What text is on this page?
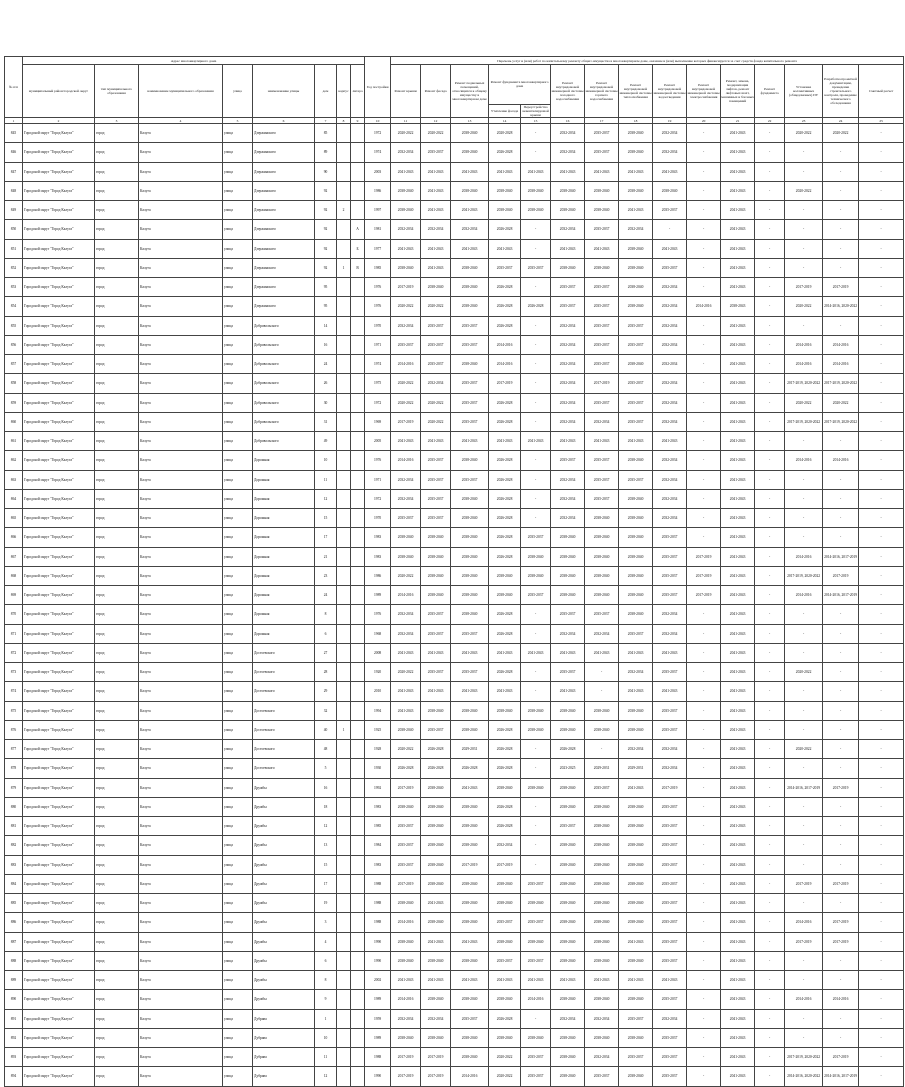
№ п/п	Адрес многоквартирного дома								Год постройки	Перечень услуг и (или) работ по капитальному ремонту общего имущества в многоквартирном доме, оказание и (или) выполнение которых финансируется за счет средств фонда капитального ремонта															
	муниципальный район/городской округ	тип муниципального образования	наименование муниципального образования	улица	наименование улицы	дом	корпус	литера		Ремонт крыши	Ремонт фасада	Ремонт подвальных помещений, относящихся к общему имуществу в многоквартирном доме	Ремонт фундамента многоквартирного дома		Ремонт внутридомовой инженерной системы холодного водоснабжения	Ремонт внутридомовой инженерной системы горячего водоснабжения	Ремонт внутридомовой инженерной системы теплоснабжения	Ремонт внутридомовой инженерной системы водоотведения	Ремонт внутридомовой инженерной системы электроснабжения	Ремонт, замена, модернизация лифтов, ремонт лифтовых шахт, машинных и блочных помещений	Ремонт фундамента	Установка коллективных (общедомовых) ПУ	Разработка проектной документации, проведение строительного контроля, проведение технического обследования	Сметный расчет	
													Утепление фасада	Переустройство невентилируемой крыши											
1	2	3	4	5	6	7	8	9	10	11	12	13	14	15	16	17	18	19	20	21	22	23	24	25	
845	Городской округ "Город Калуга"	город	Калуга	улица	Дзержинского	85			1972	2020-2022	2020-2022	2038-2040	2020-2028	-	2032-2034	2035-2037	2038-2040	2032-2034	-	2041-2043	-	2020-2022	2020-2022	-	
846	Городской округ "Город Калуга"	город	Калуга	улица	Дзержинского	89			1974	2032-2034	2035-2037	2038-2040	2026-2028	-	2032-2034	2035-2037	2038-2040	2032-2034	-	2041-2043	-	-	-	-	
847	Городской округ "Город Калуга"	город	Калуга	улица	Дзержинского	90			2003	2041-2043	2041-2043	2041-2043	2041-2043	2041-2043	2041-2043	2041-2043	2041-2043	2041-2043	-	2041-2043	-	-	-	-	
848	Городской округ "Город Калуга"	город	Калуга	улица	Дзержинского	92			1986	2038-2040	2041-2043	2038-2040	2038-2040	2038-2040	2038-2040	2038-2040	2038-2040	2038-2040	-	2041-2043	-	2020-2022	-	-	
849	Городской округ "Город Калуга"	город	Калуга	улица	Дзержинского	92	2		1997	2038-2040	2041-2043	2041-2043	2038-2040	2038-2040	2038-2040	2038-2040	2041-2043	2035-2037	-	2041-2043	-	-	-	-	
850	Городской округ "Город Калуга"	город	Калуга	улица	Дзержинского	92		А	1981	2032-2034	2032-2034	2032-2034	2026-2028	-	2032-2034	2035-2037	2032-2034	-	-	2041-2043	-	-	-	-	
851	Городской округ "Город Калуга"	город	Калуга	улица	Дзержинского	92		Б	1977	2041-2043	2041-2043	2041-2043	2041-2043	-	2041-2043	2041-2043	2038-2040	2041-2043	-	2041-2043	-	-	-	-	
852	Городской округ "Город Калуга"	город	Калуга	улица	Дзержинского	92	1	В	1985	2038-2040	2041-2043	2038-2040	2035-2037	2035-2037	2038-2040	2038-2040	2038-2040	2035-2037	-	2041-2043	-	-	-	-	
853	Городской округ "Город Калуга"	город	Калуга	улица	Дзержинского	95			1976	2017-2019	2038-2040	2038-2040	2026-2028	-	2035-2037	2035-2037	2038-2040	2032-2034	-	2041-2043	-	2017-2019	2017-2019	-	
854	Городской округ "Город Калуга"	город	Калуга	улица	Дзержинского	95			1976	2020-2022	2020-2022	2038-2040	2026-2028	2026-2028	2035-2037	2035-2037	2038-2040	2032-2034	2014-2016	2038-2043	-	2020-2022	2014-2016, 2020-2022	-	
855	Городской округ "Город Калуга"	город	Калуга	улица	Добровольского	14			1970	2032-2034	2035-2037	2035-2037	2026-2028	-	2032-2034	2035-2037	2035-2037	2032-2034	-	2041-2043	-	-	-	-	
856	Городской округ "Город Калуга"	город	Калуга	улица	Добровольского	16			1971	2035-2037	2035-2037	2035-2037	2014-2016	-	2032-2034	2035-2037	2035-2037	2032-2034	-	2041-2043	-	2014-2016	2014-2016	-	
857	Городской округ "Город Калуга"	город	Калуга	улица	Добровольского	24			1974	2014-2016	2035-2037	2038-2040	2014-2016	-	2032-2034	2035-2037	2038-2040	2032-2034	-	2041-2043	-	2014-2016	2014-2016	-	
858	Городской округ "Город Калуга"	город	Калуга	улица	Добровольского	26			1975	2020-2022	2032-2034	2035-2037	2017-2019	-	2032-2034	2017-2019	2035-2037	2032-2034	-	2041-2043	-	2017-2019, 2020-2022	2017-2019, 2020-2022	-	
859	Городской округ "Город Калуга"	город	Калуга	улица	Добровольского	30			1972	2020-2022	2020-2022	2035-2037	2026-2028	-	2032-2034	2035-2037	2035-2037	2032-2034	-	2041-2043	-	2020-2022	2020-2022	-	
860	Городской округ "Город Калуга"	город	Калуга	улица	Добровольского	31			1969	2017-2019	2020-2022	2035-2037	2026-2028	-	2032-2034	2032-2034	2035-2037	2032-2034	-	2041-2043	-	2017-2019, 2020-2022	2017-2019, 2020-2022	-	
861	Городской округ "Город Калуга"	город	Калуга	улица	Добровольского	49			2005	2041-2043	2041-2043	2041-2043	2041-2043	2041-2043	2041-2043	2041-2043	2041-2043	2041-2043	-	2041-2043	-	-	-	-	
862	Городской округ "Город Калуга"	город	Калуга	улица	Дорожная	10			1976	2014-2016	2035-2037	2038-2040	2026-2028	-	2035-2037	2035-2037	2038-2040	2032-2034	-	2041-2043	-	2014-2016	2014-2016	-	
863	Городской округ "Город Калуга"	город	Калуга	улица	Дорожная	11			1971	2032-2034	2035-2037	2035-2037	2026-2028	-	2032-2034	2035-2037	2035-2037	2032-2034	-	2041-2043	-	-	-	-	
864	Городской округ "Город Калуга"	город	Калуга	улица	Дорожная	12			1972	2032-2034	2035-2037	2038-2040	2026-2028	-	2032-2034	2035-2037	2038-2040	2032-2034	-	2041-2043	-	-	-	-	
865	Городской округ "Город Калуга"	город	Калуга	улица	Дорожная	15			1970	2035-2037	2035-2037	2038-2040	2026-2028	-	2032-2034	2038-2040	2038-2040	2032-2034	-	2041-2043	-	-	-	-	
866	Городской округ "Город Калуга"	город	Калуга	улица	Дорожная	17			1983	2038-2040	2038-2040	2038-2040	2026-2028	2035-2037	2038-2040	2038-2040	2038-2040	2035-2037	-	2041-2043	-	-	-	-	
867	Городской округ "Город Калуга"	город	Калуга	улица	Дорожная	21			1983	2038-2040	2038-2040	2038-2040	2026-2028	2038-2040	2038-2040	2038-2040	2038-2040	2035-2037	2017-2019	2041-2043	-	2014-2016	2014-2016, 2017-2019	-	
868	Городской округ "Город Калуга"	город	Калуга	улица	Дорожная	23			1986	2020-2022	2038-2040	2038-2040	2038-2040	2038-2040	2038-2040	2038-2040	2038-2040	2035-2037	2017-2019	2041-2043	-	2017-2019, 2020-2022	2017-2019	-	
869	Городской округ "Город Калуга"	город	Калуга	улица	Дорожная	24			1989	2014-2016	2038-2040	2038-2040	2038-2040	2035-2037	2038-2040	2038-2040	2038-2040	2035-2037	2017-2019	2041-2043	-	2014-2016	2014-2016, 2017-2019	-	
870	Городской округ "Город Калуга"	город	Калуга	улица	Дорожная	8			1976	2032-2034	2035-2037	2038-2040	2026-2028	-	2035-2037	2035-2037	2038-2040	2032-2034	-	2041-2043	-	-	-	-	
871	Городской округ "Город Калуга"	город	Калуга	улица	Дорожная	6			1968	2032-2034	2035-2037	2035-2037	2026-2028	-	2032-2034	2032-2034	2035-2037	2032-2034	-	2041-2043	-	-	-	-	
872	Городской округ "Город Калуга"	город	Калуга	улица	Достоевского	27			2008	2041-2043	2041-2043	2041-2043	2041-2043	2041-2043	2041-2043	2041-2043	2041-2043	2041-2043	-	2041-2043	-	-	-	-	
873	Городской округ "Город Калуга"	город	Калуга	улица	Достоевского	28			1920	2020-2022	2035-2037	2035-2037	2026-2028	-	2035-2037	-	2032-2034	2035-2037	-	2041-2043	-	2020-2022	-	-	
874	Городской округ "Город Калуга"	город	Калуга	улица	Достоевского	29			2010	2041-2043	2041-2043	2041-2043	2041-2043	-	2041-2043	-	2041-2043	2041-2043	-	2041-2043	-	-	-	-	
875	Городской округ "Город Калуга"	город	Калуга	улица	Достоевского	32			1994	2041-2043	2038-2040	2038-2040	2038-2040	2038-2040	2038-2040	2038-2040	2038-2040	2035-2037	-	2041-2043	-	-	-	-	
876	Городской округ "Город Калуга"	город	Калуга	улица	Достоевского	40	1		1925	2038-2040	2035-2037	2038-2040	2026-2028	2038-2040	2038-2040	2038-2040	2038-2040	2035-2037	-	2041-2043	-	-	-	-	
877	Городской округ "Город Калуга"	город	Калуга	улица	Достоевского	48			1928	2020-2022	2026-2028	2029-2031	2026-2028	-	2026-2028	-	2032-2034	2032-2034	-	2041-2043	-	2020-2022	-	-	
878	Городской округ "Город Калуга"	город	Калуга	улица	Достоевского	5			1930	2026-2028	2026-2028	2026-2028	2026-2028	-	2023-2025	2029-2031	2029-2031	2032-2034	-	2041-2043	-	-	-	-	
879	Городской округ "Город Калуга"	город	Калуга	улица	Дружбы	16			1992	2017-2019	2038-2040	2041-2043	2038-2040	2038-2040	2038-2040	2035-2037	2041-2043	2017-2019	-	2041-2043	-	2014-2016, 2017-2019	2017-2019	-	
880	Городской округ "Город Калуга"	город	Калуга	улица	Дружбы	18			1983	2038-2040	2038-2040	2038-2040	2026-2028	-	2038-2040	2038-2040	2038-2040	2035-2037	-	2041-2043	-	-	-	-	
881	Городской округ "Город Калуга"	город	Калуга	улица	Дружбы	12			1985	2035-2037	2038-2040	2038-2040	2026-2028	-	2035-2037	2038-2040	2038-2040	2035-2037	-	2041-2043	-	-	-	-	
882	Городской округ "Город Калуга"	город	Калуга	улица	Дружбы	13			1984	2035-2037	2038-2040	2038-2040	2032-2034	-	2038-2040	2038-2040	2038-2040	2035-2037	-	2041-2043	-	-	-	-	
883	Городской округ "Город Калуга"	город	Калуга	улица	Дружбы	15			1983	2035-2037	2038-2040	2017-2019	2017-2019	-	2038-2040	2038-2040	2038-2040	2035-2037	-	2041-2043	-	-	-	-	
884	Городской округ "Город Калуга"	город	Калуга	улица	Дружбы	17			1988	2017-2019	2038-2040	2038-2040	2038-2040	2035-2037	2038-2040	2038-2040	2038-2040	2035-2037	-	2041-2043	-	2017-2019	2017-2019	-	
885	Городской округ "Город Калуга"	город	Калуга	улица	Дружбы	19			1988	2038-2040	2041-2043	2038-2040	2038-2040	2038-2040	2038-2040	2038-2040	2038-2040	2035-2037	-	2041-2043	-	-	-	-	
886	Городской округ "Город Калуга"	город	Калуга	улица	Дружбы	3			1988	2014-2016	2038-2040	2038-2040	2035-2037	2035-2037	2038-2040	2038-2040	2038-2040	2035-2037	-	2041-2043	-	2014-2016	2017-2019	-	
887	Городской округ "Город Калуга"	город	Калуга	улица	Дружбы	4			1990	2038-2040	2041-2043	2041-2043	2038-2040	2038-2040	2038-2040	2038-2040	2041-2043	2035-2037	-	2041-2043	-	2017-2019	2017-2019	-	
888	Городской округ "Город Калуга"	город	Калуга	улица	Дружбы	6			1990	2038-2040	2038-2040	2038-2040	2035-2037	2035-2037	2038-2040	2038-2040	2038-2040	2035-2037	-	2041-2043	-	-	-	-	
889	Городской округ "Город Калуга"	город	Калуга	улица	Дружбы	8			2002	2041-2043	2041-2043	2041-2043	2041-2043	2041-2043	2041-2043	2041-2043	2041-2043	2041-2043	-	2041-2043	-	-	-	-	
890	Городской округ "Город Калуга"	город	Калуга	улица	Дружбы	9			1989	2014-2016	2038-2040	2038-2040	2038-2040	2014-2016	2038-2040	2038-2040	2038-2040	2035-2037	-	2041-2043	-	2014-2016	2014-2016	-	
891	Городской округ "Город Калуга"	город	Калуга	улица	Дубрава	1			1959	2032-2034	2032-2034	2035-2037	2026-2028	-	2032-2034	2032-2034	2035-2037	2032-2034	-	2041-2043	-	-	-	-	
892	Городской округ "Город Калуга"	город	Калуга	улица	Дубрава	10			1989	2038-2040	2038-2040	2038-2040	2038-2040	2038-2040	2038-2040	2038-2040	2038-2040	2035-2037	-	2041-2043	-	-	-	-	
893	Городской округ "Город Калуга"	город	Калуга	улица	Дубрава	11			1988	2017-2019	2017-2019	2038-2040	2020-2022	2035-2037	2038-2040	2032-2034	2035-2037	2035-2037	-	2041-2043	-	2017-2019, 2020-2022	2017-2019	-	
894	Городской округ "Город Калуга"	город	Калуга	улица	Дубрава	12			1990	2017-2019	2017-2019	2014-2016	2020-2022	2035-2037	2038-2040	2035-2037	2038-2040	2035-2037	-	2041-2043	-	2014-2016, 2020-2022	2014-2016, 2017-2019	-	
